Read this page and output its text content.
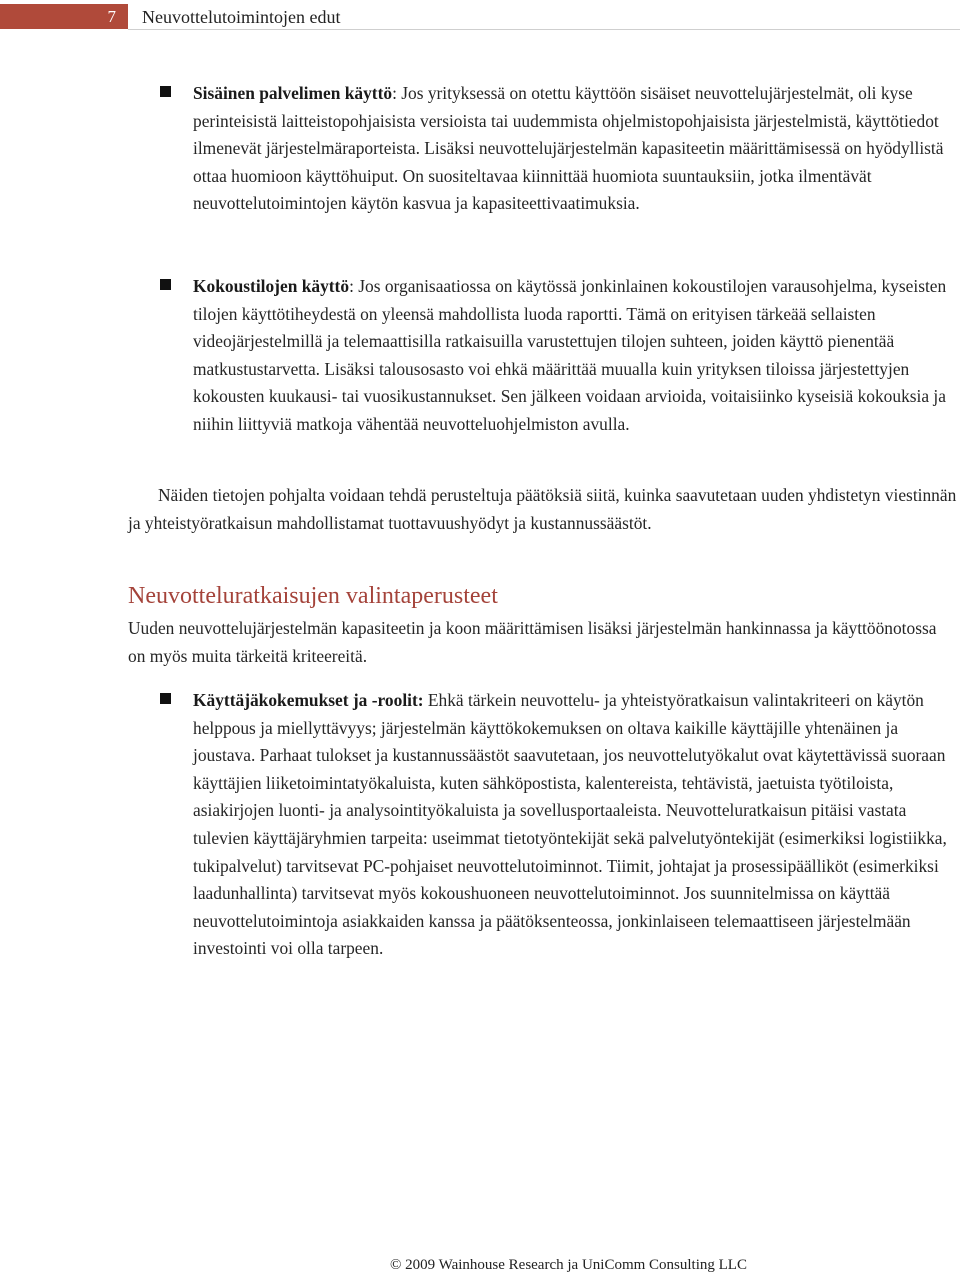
7	Neuvottelutoimintojen edut
Sisäinen palvelimen käyttö: Jos yrityksessä on otettu käyttöön sisäiset neuvottelujärjestelmät, oli kyse perinteisistä laitteistopohjaisista versioista tai uudemmista ohjelmistopohjaisista järjestelmistä, käyttötiedot ilmenevät järjestelmäraporteista. Lisäksi neuvottelujärjestelmän kapasiteetin määrittämisessä on hyödyllistä ottaa huomioon käyttöhuiput. On suositeltavaa kiinnittää huomiota suuntauksiin, jotka ilmentävät neuvottelutoimintojen käytön kasvua ja kapasiteettivaatimuksia.
Kokoustilojen käyttö: Jos organisaatiossa on käytössä jonkinlainen kokoustilojen varausohjelma, kyseisten tilojen käyttötiheydestä on yleensä mahdollista luoda raportti. Tämä on erityisen tärkeää sellaisten videojärjestelmillä ja telemaattisilla ratkaisuilla varustettujen tilojen suhteen, joiden käyttö pienentää matkustustarvetta. Lisäksi talousosasto voi ehkä määrittää muualla kuin yrityksen tiloissa järjestettyjen kokousten kuukausi- tai vuosikustannukset. Sen jälkeen voidaan arvioida, voitaisiinko kyseisiä kokouksia ja niihin liittyviä matkoja vähentää neuvotteluohjelmiston avulla.
Näiden tietojen pohjalta voidaan tehdä perusteltuja päätöksiä siitä, kuinka saavutetaan uuden yhdistetyn viestinnän ja yhteistyöratkaisun mahdollistamat tuottavuushyödyt ja kustannussäästöt.
Neuvotteluratkaisujen valintaperusteet
Uuden neuvottelujärjestelmän kapasiteetin ja koon määrittämisen lisäksi järjestelmän hankinnassa ja käyttöönotossa on myös muita tärkeitä kriteereitä.
Käyttäjäkokemukset ja -roolit: Ehkä tärkein neuvottelu- ja yhteistyöratkaisun valintakriteeri on käytön helppous ja miellyttävyys; järjestelmän käyttökokemuksen on oltava kaikille käyttäjille yhtenäinen ja joustava. Parhaat tulokset ja kustannussäästöt saavutetaan, jos neuvottelutyökalut ovat käytettävissä suoraan käyttäjien liiketoimintatyökaluista, kuten sähköpostista, kalentereista, tehtävistä, jaetuista työtiloista, asiakirjojen luonti- ja analysointityökaluista ja sovellusportaaleista. Neuvotteluratkaisun pitäisi vastata tulevien käyttäjäryhmien tarpeita: useimmat tietotyöntekijät sekä palvelutyöntekijät (esimerkiksi logistiikka, tukipalvelut) tarvitsevat PC-pohjaiset neuvottelutoiminnot. Tiimit, johtajat ja prosessipäälliköt (esimerkiksi laadunhallinta) tarvitsevat myös kokoushuoneen neuvottelutoiminnot. Jos suunnitelmissa on käyttää neuvottelutoimintoja asiakkaiden kanssa ja päätöksenteossa, jonkinlaiseen telemaattiseen järjestelmään investointi voi olla tarpeen.
© 2009 Wainhouse Research ja UniComm Consulting LLC
